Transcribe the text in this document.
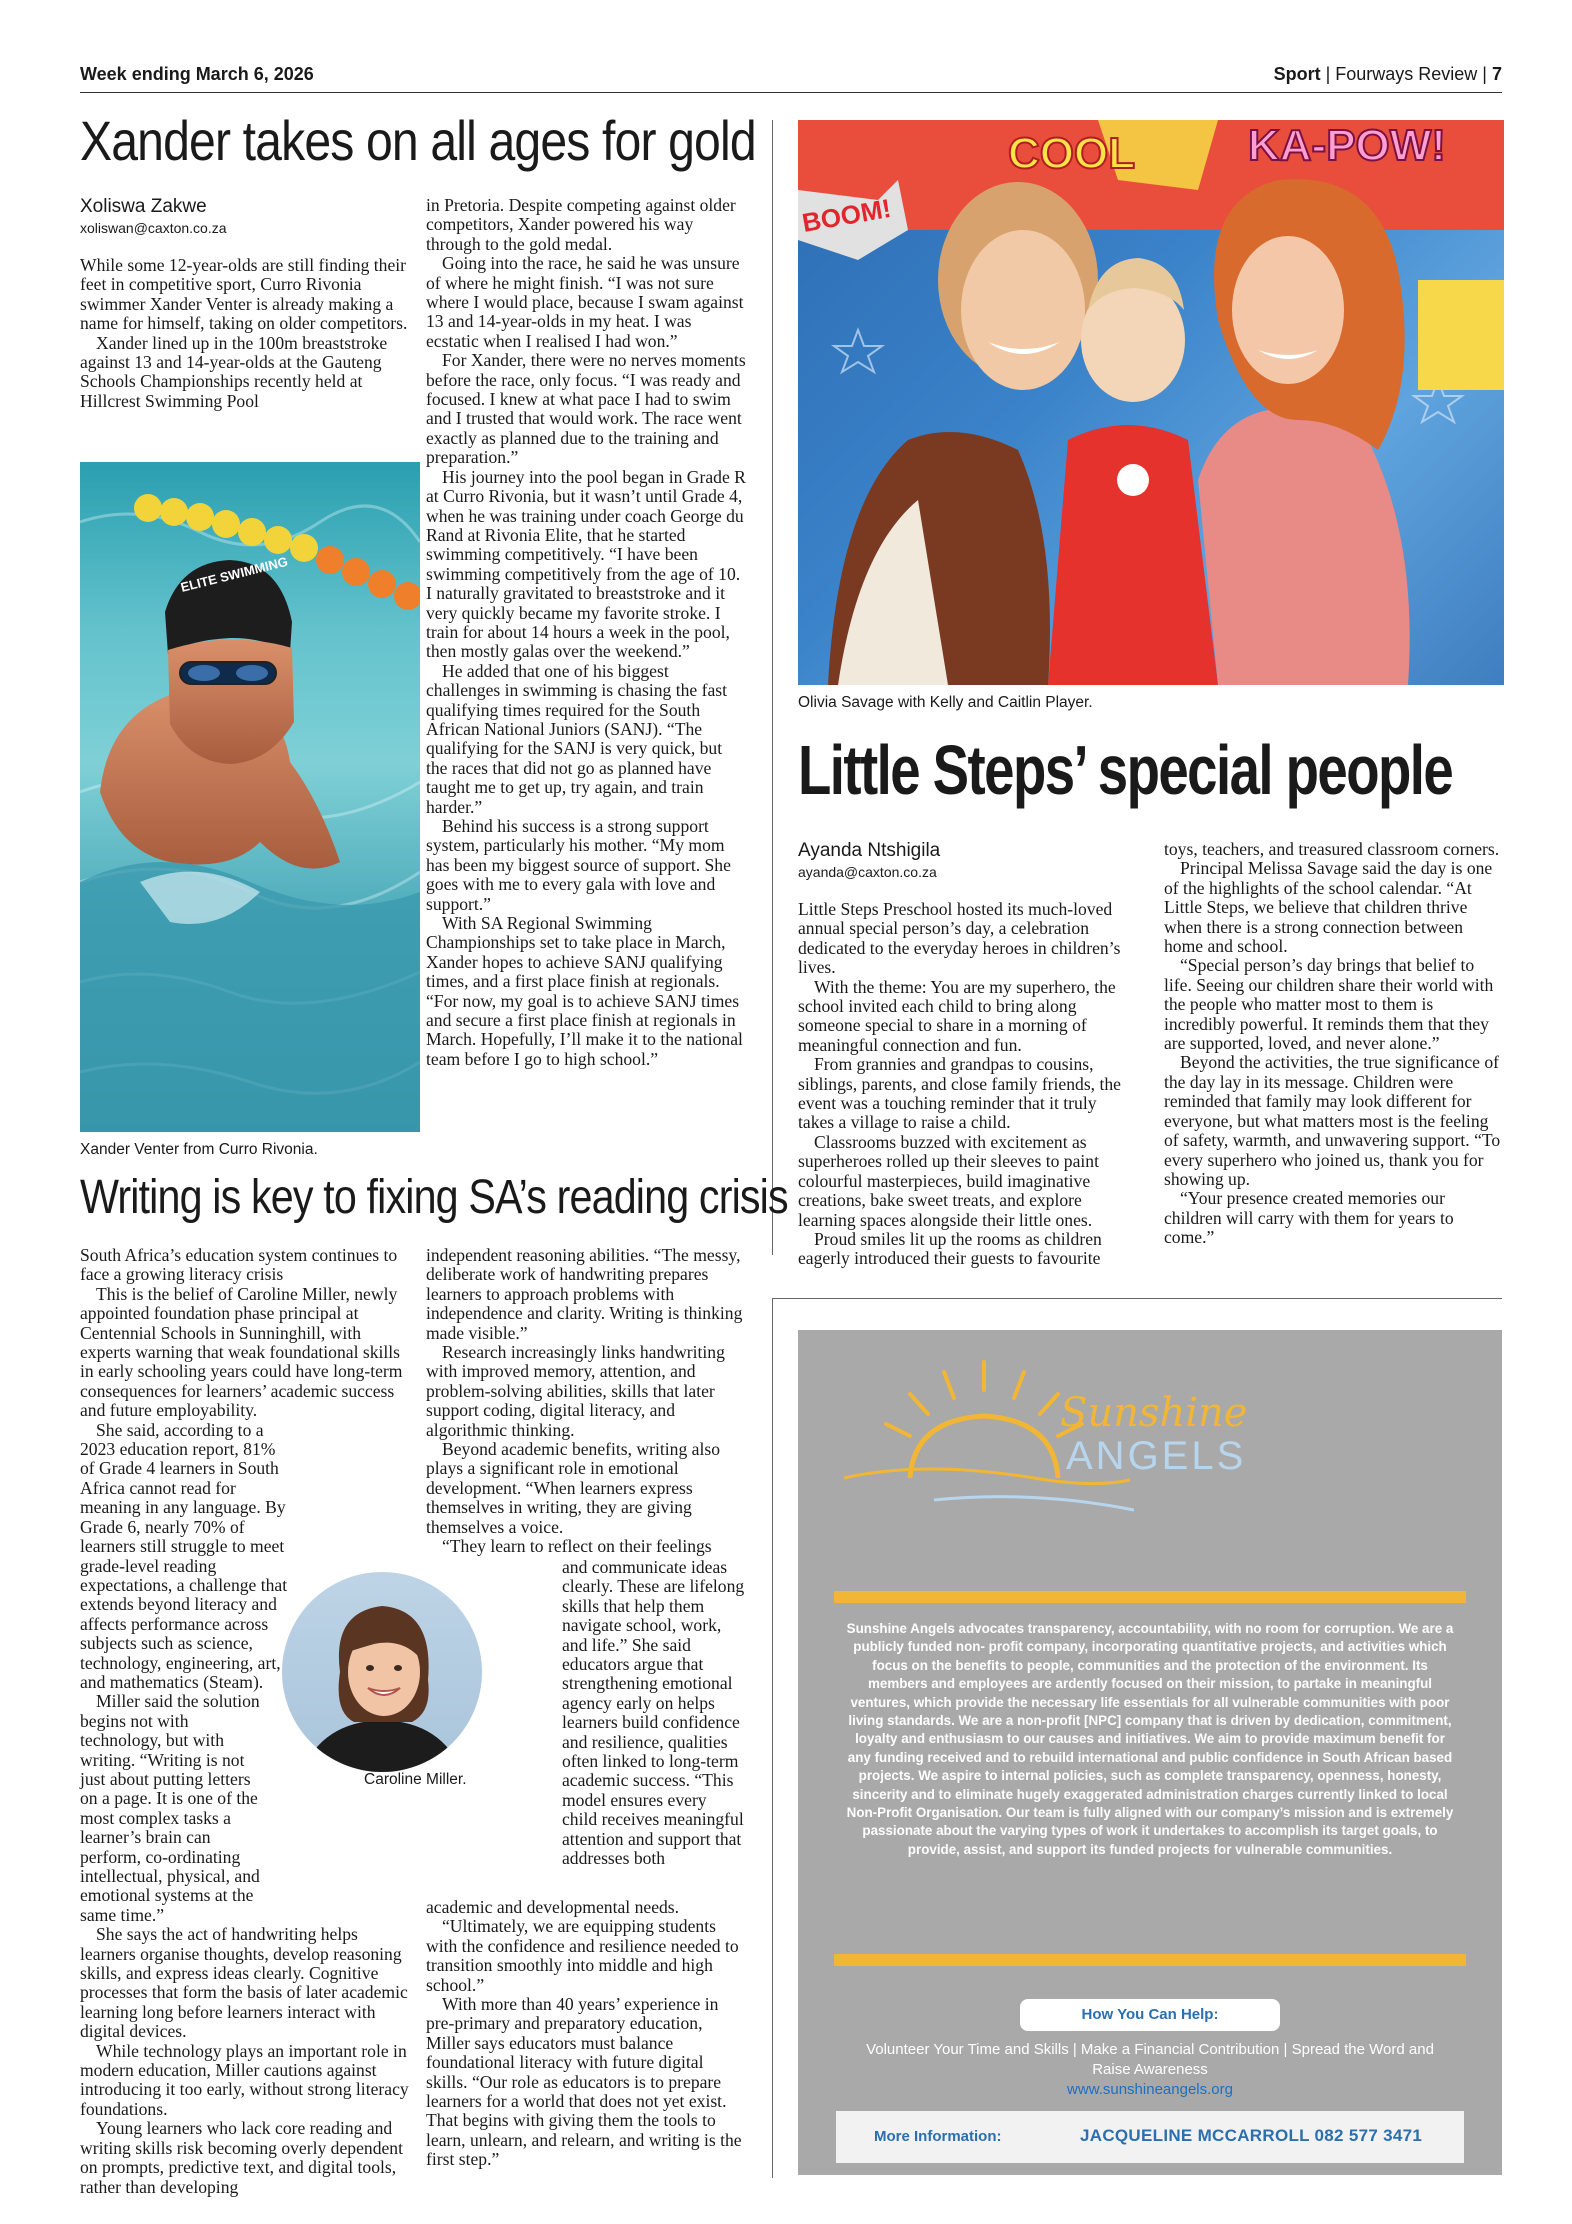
Week ending March 6, 2026	Sport | Fourways Review | 7
Xander takes on all ages for gold
Xoliswa Zakwe
xoliswan@caxton.co.za

While some 12-year-olds are still finding their feet in competitive sport, Curro Rivonia swimmer Xander Venter is already making a name for himself, taking on older competitors.

Xander lined up in the 100m breaststroke against 13 and 14-year-olds at the Gauteng Schools Championships recently held at Hillcrest Swimming Pool

ELITE SWIMMING
Xander Venter from Curro Rivonia.

in Pretoria. Despite competing against older competitors, Xander powered his way through to the gold medal.

Going into the race, he said he was unsure of where he might finish. “I was not sure where I would place, because I swam against 13 and 14-year-olds in my heat. I was ecstatic when I realised I had won.”

For Xander, there were no nerves moments before the race, only focus. “I was ready and focused. I knew at what pace I had to swim and I trusted that would work. The race went exactly as planned due to the training and preparation.”

His journey into the pool began in Grade R at Curro Rivonia, but it wasn’t until Grade 4, when he was training under coach George du Rand at Rivonia Elite, that he started swimming competitively. “I have been swimming competitively from the age of 10. I naturally gravitated to breaststroke and it very quickly became my favorite stroke. I train for about 14 hours a week in the pool, then mostly galas over the weekend.”

He added that one of his biggest challenges in swimming is chasing the fast qualifying times required for the South African National Juniors (SANJ). “The qualifying for the SANJ is very quick, but the races that did not go as planned have taught me to get up, try again, and train harder.”

Behind his success is a strong support system, particularly his mother. “My mom has been my biggest source of support. She goes with me to every gala with love and support.”

With SA Regional Swimming Championships set to take place in March, Xander hopes to achieve SANJ qualifying times, and a first place finish at regionals. “For now, my goal is to achieve SANJ times and secure a first place finish at regionals in March. Hopefully, I’ll make it to the national team before I go to high school.”

Writing is key to fixing SA’s reading crisis

South Africa’s education system continues to face a growing literacy crisis

This is the belief of Caroline Miller, newly appointed foundation phase principal at Centennial Schools in Sunninghill, with experts warning that weak foundational skills in early schooling years could have long-term consequences for learners’ academic success and future employability.

She said, according to a 2023 education report, 81% of Grade 4 learners in South Africa cannot read for meaning in any language. By Grade 6, nearly 70% of learners still struggle to meet grade-level reading expectations, a challenge that extends beyond literacy and affects performance across subjects such as science, technology, engineering, art, and mathematics (Steam).

Miller said the solution begins not with technology, but with writing. “Writing is not just about putting letters on a page. It is one of the most complex tasks a learner’s brain can perform, co-ordinating intellectual, physical, and emotional systems at the same time.”

She says the act of handwriting helps learners organise thoughts, develop reasoning skills, and express ideas clearly. Cognitive processes that form the basis of later academic learning long before learners interact with digital devices.

While technology plays an important role in modern education, Miller cautions against introducing it too early, without strong literacy foundations.

Young learners who lack core reading and writing skills risk becoming overly dependent on prompts, predictive text, and digital tools, rather than developing

independent reasoning abilities. “The messy, deliberate work of handwriting prepares learners to approach problems with independence and clarity. Writing is thinking made visible.”

Research increasingly links handwriting with improved memory, attention, and problem-solving abilities, skills that later support coding, digital literacy, and algorithmic thinking.

Beyond academic benefits, writing also plays a significant role in emotional development. “When learners express themselves in writing, they are giving themselves a voice.

“They learn to reflect on their feelings

and communicate ideas clearly. These are lifelong skills that help them navigate school, work, and life.” She said educators argue that strengthening emotional agency early on helps learners build confidence and resilience, qualities often linked to long-term academic success. “This model ensures every child receives meaningful attention and support that addresses both

academic and developmental needs.

“Ultimately, we are equipping students with the confidence and resilience needed to transition smoothly into middle and high school.”

With more than 40 years’ experience in pre-primary and preparatory education, Miller says educators must balance foundational literacy with future digital skills. “Our role as educators is to prepare learners for a world that does not yet exist. That begins with giving them the tools to learn, unlearn, and relearn, and writing is the first step.”

Caroline Miller.
COOL	KA-POW!
BOOM!
Olivia Savage with Kelly and Caitlin Player.
Little Steps’ special people
Ayanda Ntshigila
ayanda@caxton.co.za

Little Steps Preschool hosted its much-loved annual special person’s day, a celebration dedicated to the everyday heroes in children’s lives.

With the theme: You are my superhero, the school invited each child to bring along someone special to share in a morning of meaningful connection and fun.

From grannies and grandpas to cousins, siblings, parents, and close family friends, the event was a touching reminder that it truly takes a village to raise a child.

Classrooms buzzed with excitement as superheroes rolled up their sleeves to paint colourful masterpieces, build imaginative creations, bake sweet treats, and explore learning spaces alongside their little ones.

Proud smiles lit up the rooms as children eagerly introduced their guests to favourite

toys, teachers, and treasured classroom corners.

Principal Melissa Savage said the day is one of the highlights of the school calendar. “At Little Steps, we believe that children thrive when there is a strong connection between home and school.

“Special person’s day brings that belief to life. Seeing our children share their world with the people who matter most to them is incredibly powerful. It reminds them that they are supported, loved, and never alone.”

Beyond the activities, the true significance of the day lay in its message. Children were reminded that family may look different for everyone, but what matters most is the feeling of safety, warmth, and unwavering support. “To every superhero who joined us, thank you for showing up.

“Your presence created memories our children will carry with them for years to come.”

Sunshine
ANGELS
Sunshine Angels advocates transparency, accountability, with no room for corruption. We are a publicly funded non- profit company, incorporating quantitative projects, and activities which focus on the benefits to people, communities and the protection of the environment. Its members and employees are ardently focused on their mission, to partake in meaningful ventures, which provide the necessary life essentials for all vulnerable communities with poor living standards. We are a non-profit [NPC] company that is driven by dedication, commitment, loyalty and enthusiasm to our causes and initiatives. We aim to provide maximum benefit for any funding received and to rebuild international and public confidence in South African based projects. We aspire to internal policies, such as complete transparency, openness, honesty, sincerity and to eliminate hugely exaggerated administration charges currently linked to local Non-Profit Organisation. Our team is fully aligned with our company’s mission and is extremely passionate about the varying types of work it undertakes to accomplish its target goals, to provide, assist, and support its funded projects for vulnerable communities.
How You Can Help:
Volunteer Your Time and Skills | Make a Financial Contribution | Spread the Word and Raise Awareness
www.sunshineangels.org
More Information:	JACQUELINE MCCARROLL 082 577 3471
